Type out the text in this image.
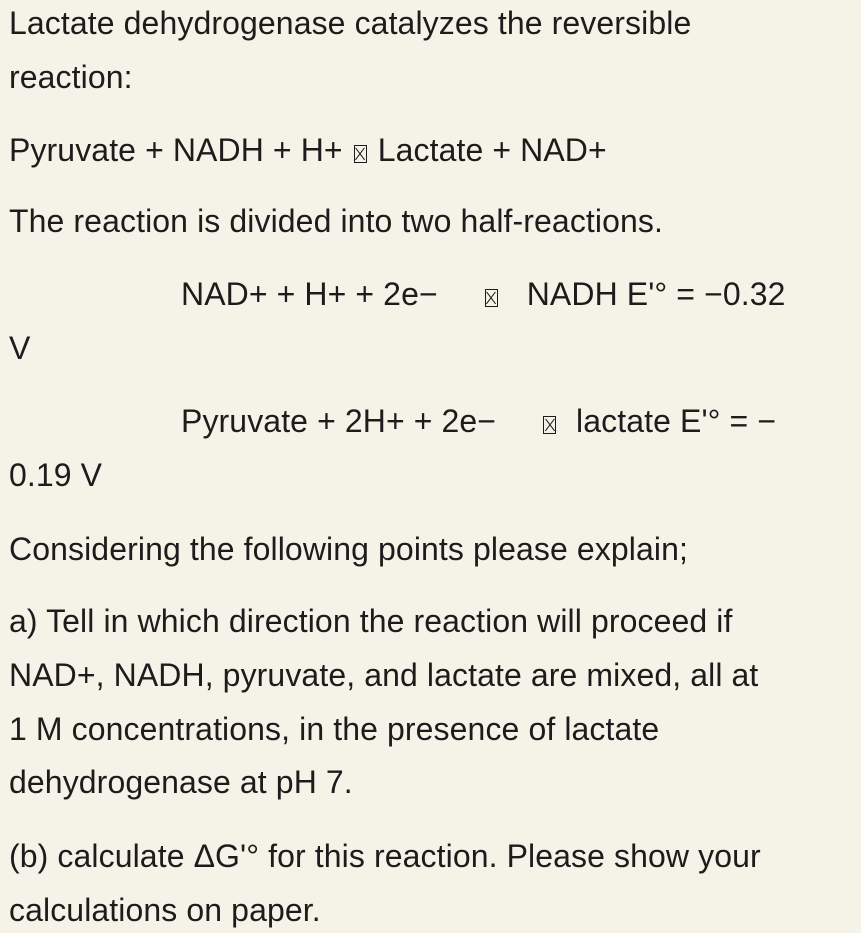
Lactate dehydrogenase catalyzes the reversible
reaction:
Pyruvate + NADH + H+ Lactate + NAD+
The reaction is divided into two half-reactions.
NAD+ + H+ + 2e−	NADH E'° = −0.32
V
Pyruvate + 2H+ + 2e− lactate E'° = −
0.19 V
Considering the following points please explain;
a) Tell in which direction the reaction will proceed if
NAD+, NADH, pyruvate, and lactate are mixed, all at
1 M concentrations, in the presence of lactate
dehydrogenase at pH 7.
(b) calculate ΔG'° for this reaction. Please show your
calculations on paper.
